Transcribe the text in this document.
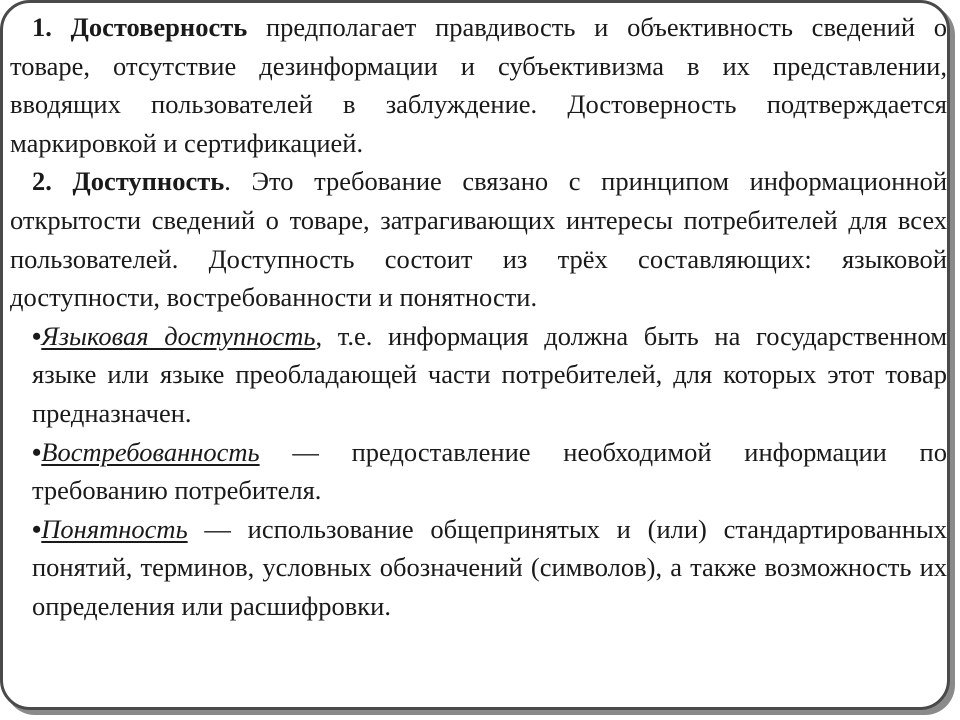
1. Достоверность предполагает правдивость и объективность сведений о товаре, отсутствие дезинформации и субъективизма в их представлении, вводящих пользователей в заблуждение. Достоверность подтверждается маркировкой и сертификацией.

2. Доступность. Это требование связано с принципом информационной открытости сведений о товаре, затрагивающих интересы потребителей для всех пользователей. Доступность состоит из трёх составляющих: языковой доступности, востребованности и понятности.

•Языковая доступность, т.е. информация должна быть на государственном языке или языке преобладающей части потребителей, для которых этот товар предназначен.

•Востребованность — предоставление необходимой информации по требованию потребителя.

•Понятность — использование общепринятых и (или) стандартированных понятий, терминов, условных обозначений (символов), а также возможность их определения или расшифровки.
